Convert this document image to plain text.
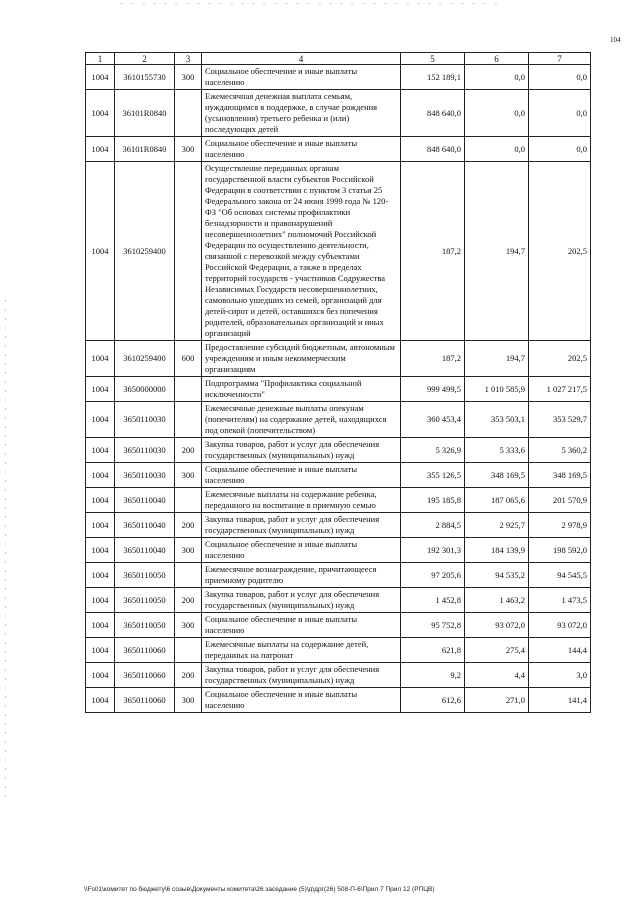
104
1	2	3	4	5	6	7
1004	3610155730	300	Социальное обеспечение и иные выплаты населению	152 189,1	0,0	0,0
1004	36101R0840		Ежемесячная денежная выплата семьям, нуждающимся в поддержке, в случае рождения (усыновления) третьего ребенка и (или) последующих детей	848 640,0	0,0	0,0
1004	36101R0840	300	Социальное обеспечение и иные выплаты населению	848 640,0	0,0	0,0
1004	3610259400		Осуществление переданных органам государственной власти субъектов Российской Федерации в соответствии с пунктом 3 статьи 25 Федерального закона от 24 июня 1999 года № 120-ФЗ "Об основах системы профилактики безнадзорности и правонарушений несовершеннолетних" полномочий Российской Федерации по осуществлению деятельности, связанной с перевозкой между субъектами Российской Федерации, а также в пределах территорий государств - участников Содружества Независимых Государств несовершеннолетних, самовольно ушедших из семей, организаций для детей-сирот и детей, оставшихся без попечения родителей, образовательных организаций и иных организаций	187,2	194,7	202,5
1004	3610259400	600	Предоставление субсидий бюджетным, автономным учреждениям и иным некоммерческим организациям	187,2	194,7	202,5
1004	3650000000		Подпрограмма "Профилактика социальной исключенности"	999 499,5	1 010 585,9	1 027 217,5
1004	3650110030		Ежемесячные денежные выплаты опекунам (попечителям) на содержание детей, находящихся под опекой (попечительством)	360 453,4	353 503,1	353 529,7
1004	3650110030	200	Закупка товаров, работ и услуг для обеспечения государственных (муниципальных) нужд	5 326,9	5 333,6	5 360,2
1004	3650110030	300	Социальное обеспечение и иные выплаты населению	355 126,5	348 169,5	348 169,5
1004	3650110040		Ежемесячные выплаты на содержание ребенка, переданного на воспитание в приемную семью	195 185,8	187 065,6	201 570,9
1004	3650110040	200	Закупка товаров, работ и услуг для обеспечения государственных (муниципальных) нужд	2 884,5	2 925,7	2 978,9
1004	3650110040	300	Социальное обеспечение и иные выплаты населению	192 301,3	184 139,9	198 592,0
1004	3650110050		Ежемесячное вознаграждение, причитающееся приемному родителю	97 205,6	94 535,2	94 545,5
1004	3650110050	200	Закупка товаров, работ и услуг для обеспечения государственных (муниципальных) нужд	1 452,8	1 463,2	1 473,5
1004	3650110050	300	Социальное обеспечение и иные выплаты населению	95 752,8	93 072,0	93 072,0
1004	3650110060		Ежемесячные выплаты на содержание детей, переданных на патронат	621,8	275,4	144,4
1004	3650110060	200	Закупка товаров, работ и услуг для обеспечения государственных (муниципальных) нужд	9,2	4,4	3,0
1004	3650110060	300	Социальное обеспечение и иные выплаты населению	612,6	271,0	141,4
\\Fs01\комитет по бюджету\6 созыв\Документы комитета\26 заседание (5)\д\дрг(26) 508-П-6\Прил 7 Прил 12 (РПЦВ)
